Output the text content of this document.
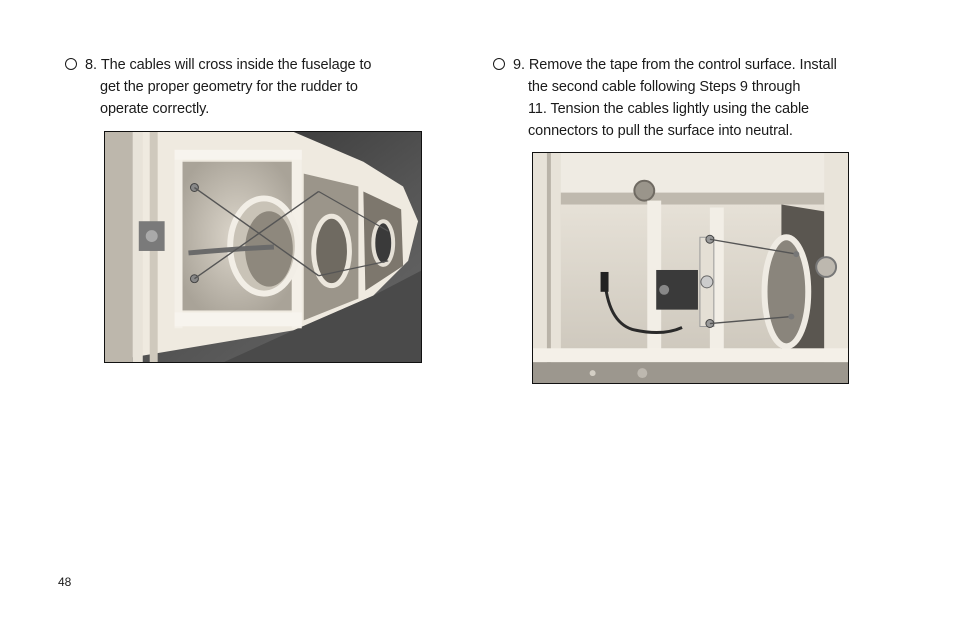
8. The cables will cross inside the fuselage to
get the proper geometry for the rudder to
operate correctly.
9. Remove the tape from the control surface. Install
the second cable following Steps 9 through
11. Tension the cables lightly using the cable
connectors to pull the surface into neutral.
48
